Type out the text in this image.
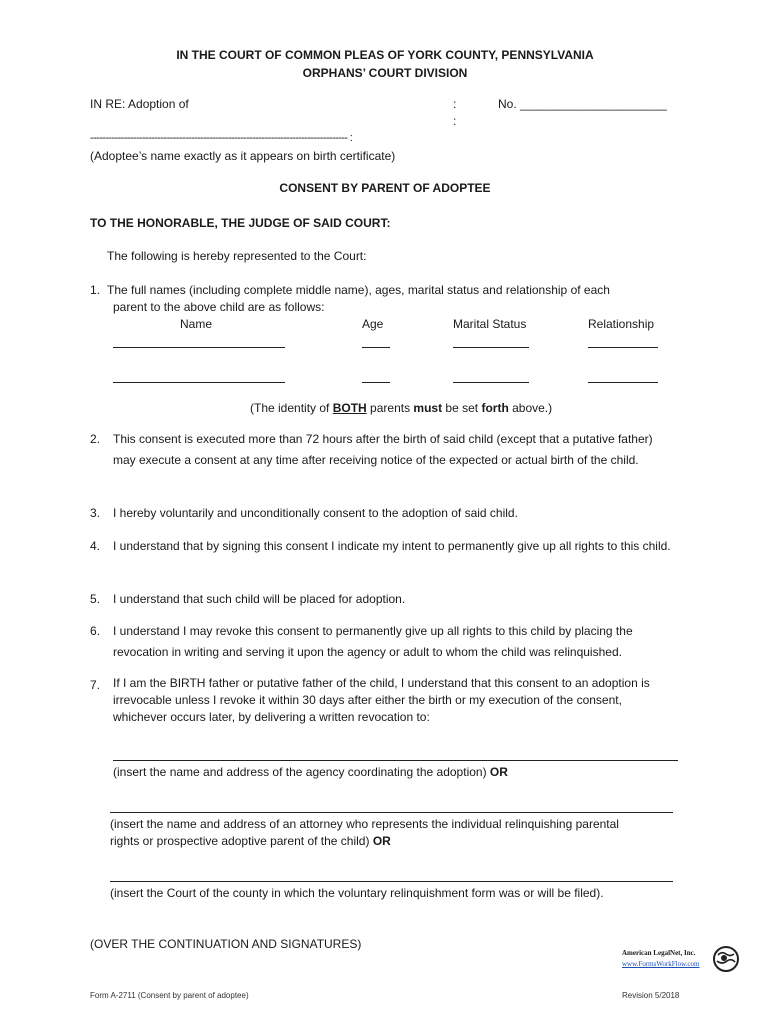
IN THE COURT OF COMMON PLEAS OF YORK COUNTY, PENNSYLVANIA
ORPHANS’ COURT DIVISION
IN RE: Adoption of	:	No. ______________________
:
------------------------------------------------------------------------------------ :
(Adoptee’s name exactly as it appears on birth certificate)
CONSENT BY PARENT OF ADOPTEE
TO THE HONORABLE, THE JUDGE OF SAID COURT:
The following is hereby represented to the Court:
1. The full names (including complete middle name), ages, marital status and relationship of each
parent to the above child are as follows:
Name	Age	Marital Status	Relationship
(The identity of BOTH parents must be set forth above.)
2. This consent is executed more than 72 hours after the birth of said child (except that a putative father) may execute a consent at any time after receiving notice of the expected or actual birth of the child.
3. I hereby voluntarily and unconditionally consent to the adoption of said child.
4. I understand that by signing this consent I indicate my intent to permanently give up all rights to this child.
5. I understand that such child will be placed for adoption.
6. I understand I may revoke this consent to permanently give up all rights to this child by placing the revocation in writing and serving it upon the agency or adult to whom the child was relinquished.
7. If I am the BIRTH father or putative father of the child, I understand that this consent to an adoption is irrevocable unless I revoke it within 30 days after either the birth or my execution of the consent, whichever occurs later, by delivering a written revocation to:
(insert the name and address of the agency coordinating the adoption) OR
(insert the name and address of an attorney who represents the individual relinquishing parental
rights or prospective adoptive parent of the child) OR
(insert the Court of the county in which the voluntary relinquishment form was or will be filed).
(OVER THE CONTINUATION AND SIGNATURES)
American LegalNet, Inc.
www.FormsWorkFlow.com
Form A-2711 (Consent by parent of adoptee)	Revision 5/2018
